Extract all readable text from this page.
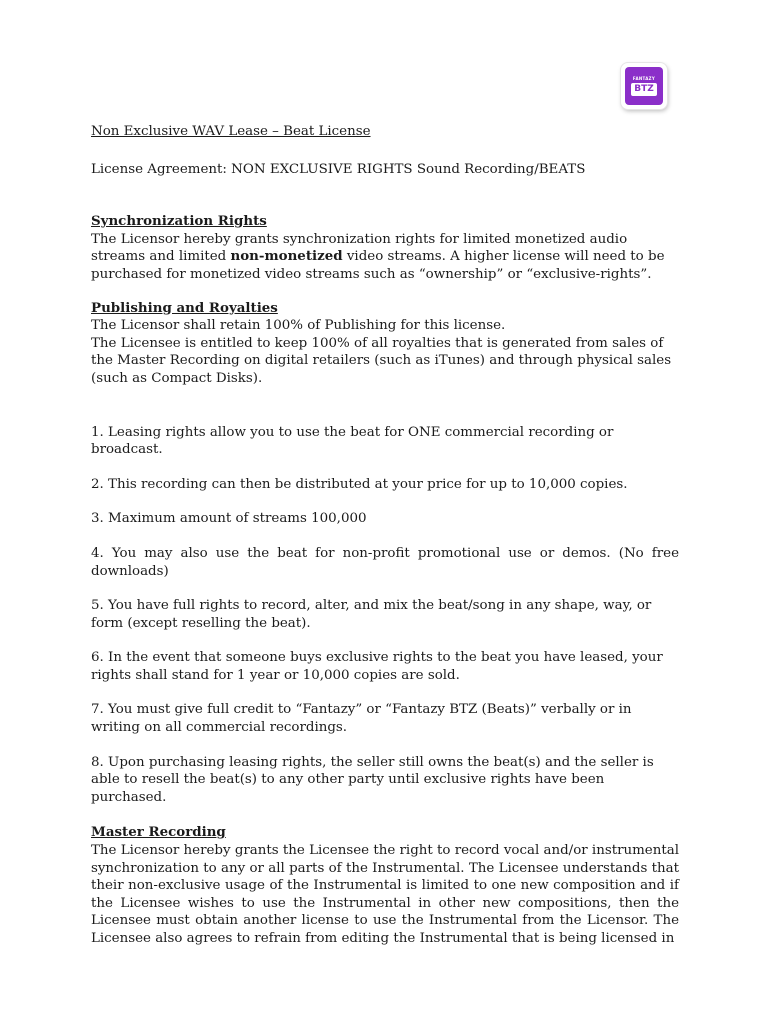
FANTAZY
BTZ

Non Exclusive WAV Lease – Beat License

License Agreement: NON EXCLUSIVE RIGHTS Sound Recording/BEATS

Synchronization Rights

The Licensor hereby grants synchronization rights for limited monetized audio streams and limited non-monetized video streams. A higher license will need to be purchased for monetized video streams such as “ownership” or “exclusive-rights”.

Publishing and Royalties

The Licensor shall retain 100% of Publishing for this license.

The Licensee is entitled to keep 100% of all royalties that is generated from sales of the Master Recording on digital retailers (such as iTunes) and through physical sales (such as Compact Disks).

1. Leasing rights allow you to use the beat for ONE commercial recording or broadcast.

2. This recording can then be distributed at your price for up to 10,000 copies.

3. Maximum amount of streams 100,000

4. You may also use the beat for non-profit promotional use or demos. (No free downloads)

5. You have full rights to record, alter, and mix the beat/song in any shape, way, or form (except reselling the beat).

6. In the event that someone buys exclusive rights to the beat you have leased, your rights shall stand for 1 year or 10,000 copies are sold.

7. You must give full credit to “Fantazy” or “Fantazy BTZ (Beats)” verbally or in writing on all commercial recordings.

8. Upon purchasing leasing rights, the seller still owns the beat(s) and the seller is able to resell the beat(s) to any other party until exclusive rights have been purchased.

Master Recording

The Licensor hereby grants the Licensee the right to record vocal and/or instrumental synchronization to any or all parts of the Instrumental. The Licensee understands that their non-exclusive usage of the Instrumental is limited to one new composition and if the Licensee wishes to use the Instrumental in other new compositions, then the Licensee must obtain another license to use the Instrumental from the Licensor. The Licensee also agrees to refrain from editing the Instrumental that is being licensed in
